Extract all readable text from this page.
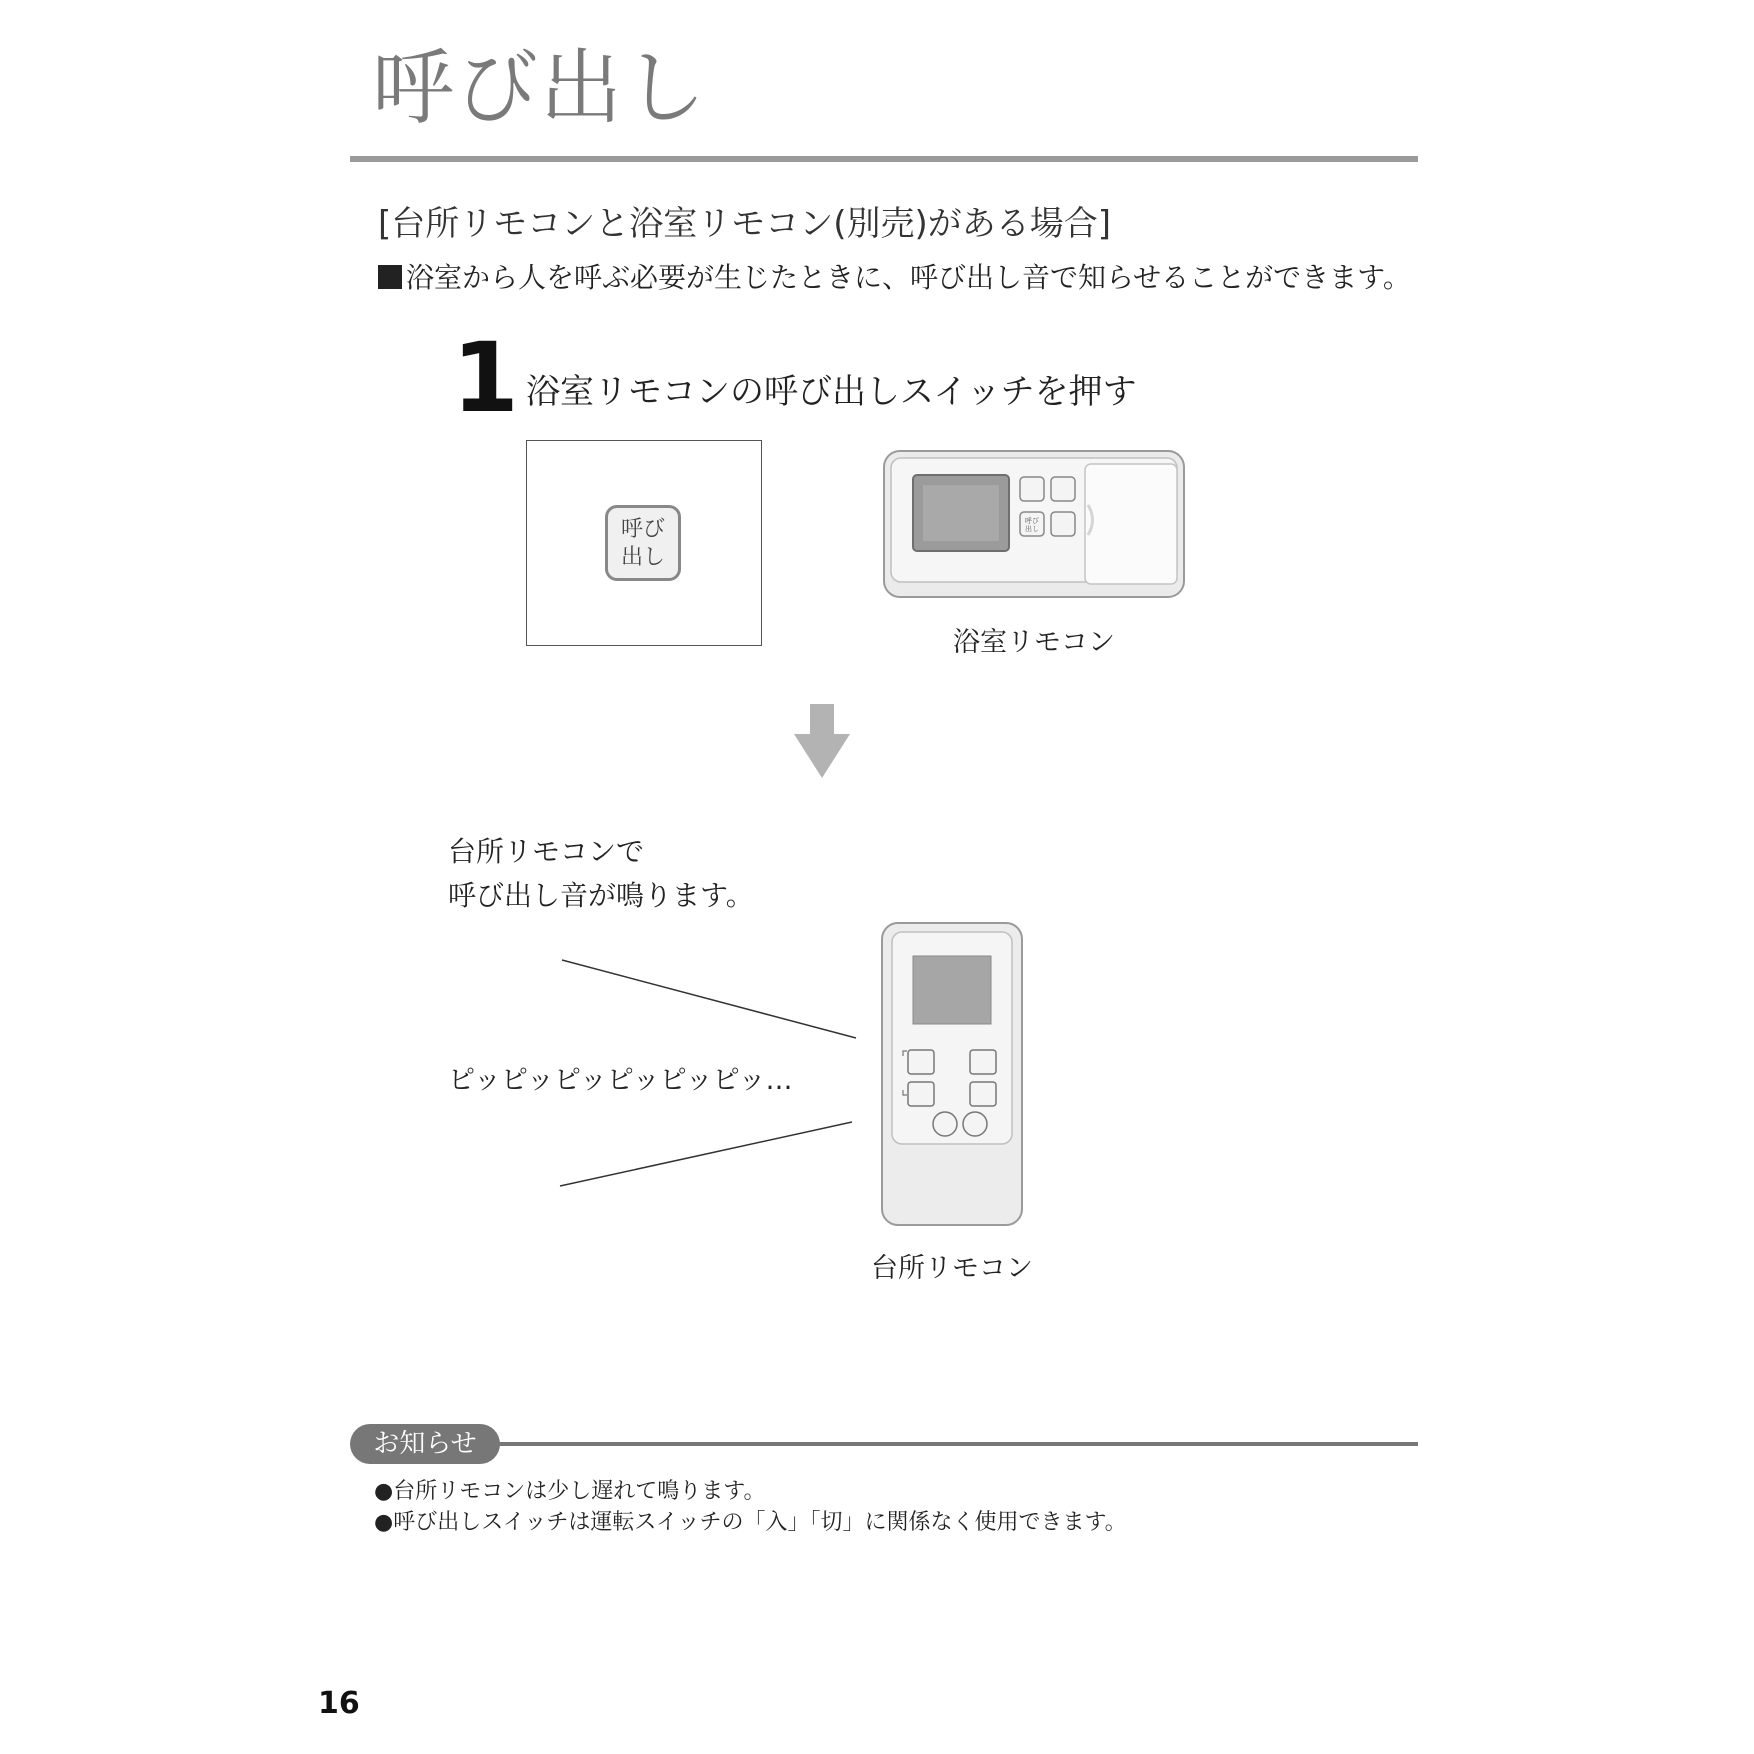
呼び出し
[台所リモコンと浴室リモコン(別売)がある場合]
浴室から人を呼ぶ必要が生じたときに、呼び出し音で知らせることができます。
1 浴室リモコンの呼び出しスイッチを押す
呼び
出し
呼び
出し
浴室リモコン
台所リモコンで
呼び出し音が鳴ります。
ピッピッピッピッピッピッ…
台所リモコン
お知らせ
●台所リモコンは少し遅れて鳴ります。
●呼び出しスイッチは運転スイッチの「入」「切」に関係なく使用できます。
16
